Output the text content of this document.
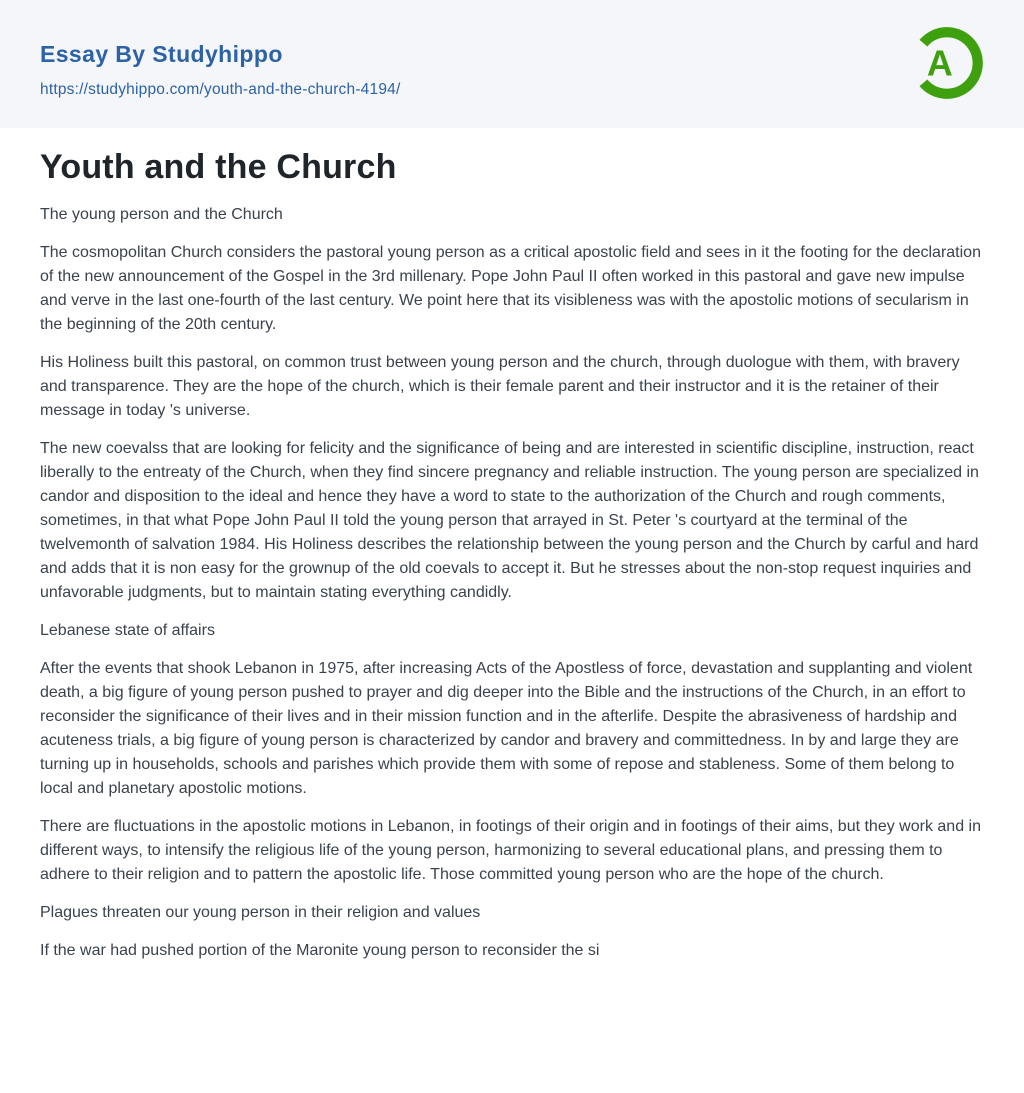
Essay By Studyhippo
https://studyhippo.com/youth-and-the-church-4194/
A
Youth and the Church

The young person and the Church

The cosmopolitan Church considers the pastoral young person as a critical apostolic field and sees in it the footing for the declaration of the new announcement of the Gospel in the 3rd millenary. Pope John Paul II often worked in this pastoral and gave new impulse and verve in the last one-fourth of the last century. We point here that its visibleness was with the apostolic motions of secularism in the beginning of the 20th century.

His Holiness built this pastoral, on common trust between young person and the church, through duologue with them, with bravery and transparence. They are the hope of the church, which is their female parent and their instructor and it is the retainer of their message in today 's universe.

The new coevalss that are looking for felicity and the significance of being and are interested in scientific discipline, instruction, react liberally to the entreaty of the Church, when they find sincere pregnancy and reliable instruction. The young person are specialized in candor and disposition to the ideal and hence they have a word to state to the authorization of the Church and rough comments, sometimes, in that what Pope John Paul II told the young person that arrayed in St. Peter 's courtyard at the terminal of the twelvemonth of salvation 1984. His Holiness describes the relationship between the young person and the Church by carful and hard and adds that it is non easy for the grownup of the old coevals to accept it. But he stresses about the non-stop request inquiries and unfavorable judgments, but to maintain stating everything candidly.

Lebanese state of affairs

After the events that shook Lebanon in 1975, after increasing Acts of the Apostless of force, devastation and supplanting and violent death, a big figure of young person pushed to prayer and dig deeper into the Bible and the instructions of the Church, in an effort to reconsider the significance of their lives and in their mission function and in the afterlife. Despite the abrasiveness of hardship and acuteness trials, a big figure of young person is characterized by candor and bravery and committedness. In by and large they are turning up in households, schools and parishes which provide them with some of repose and stableness. Some of them belong to local and planetary apostolic motions.

There are fluctuations in the apostolic motions in Lebanon, in footings of their origin and in footings of their aims, but they work and in different ways, to intensify the religious life of the young person, harmonizing to several educational plans, and pressing them to adhere to their religion and to pattern the apostolic life. Those committed young person who are the hope of the church.

Plagues threaten our young person in their religion and values

If the war had pushed portion of the Maronite young person to reconsider the si
